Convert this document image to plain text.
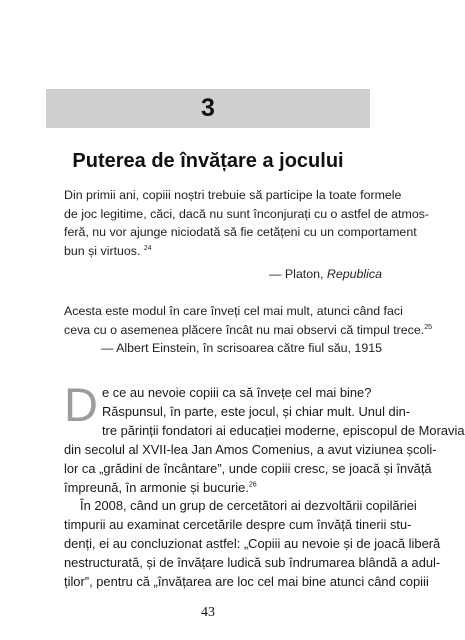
3
Puterea de învățare a jocului
Din primii ani, copiii noștri trebuie să participe la toate formele
de joc legitime, căci, dacă nu sunt înconjurați cu o astfel de atmos-
feră, nu vor ajunge niciodată să fie cetățeni cu un comportament
bun și virtuos. $^{24}$
— Platon, Republica
Acesta este modul în care înveți cel mai mult, atunci când faci
ceva cu o asemenea plăcere încât nu mai observi că timpul trece.$^{25}$
— Albert Einstein, în scrisoarea către fiul său, 1915
D e ce au nevoie copiii ca să învețe cel mai bine?
Răspunsul, în parte, este jocul, și chiar mult. Unul din-
tre părinții fondatori ai educației moderne, episcopul de Moravia
din secolul al XVII-lea Jan Amos Comenius, a avut viziunea școli-
lor ca „grădini de încântare”, unde copiii cresc, se joacă și învăță
împreună, în armonie și bucurie.$^{26}$
În 2008, când un grup de cercetători ai dezvoltării copilăriei
timpurii au examinat cercetările despre cum învăță tinerii stu-
denți, ei au concluzionat astfel: „Copiii au nevoie și de joacă liberă
nestructurată, și de învățare ludică sub îndrumarea blândă a adul-
ților”, pentru că „învățarea are loc cel mai bine atunci când copiii
43
